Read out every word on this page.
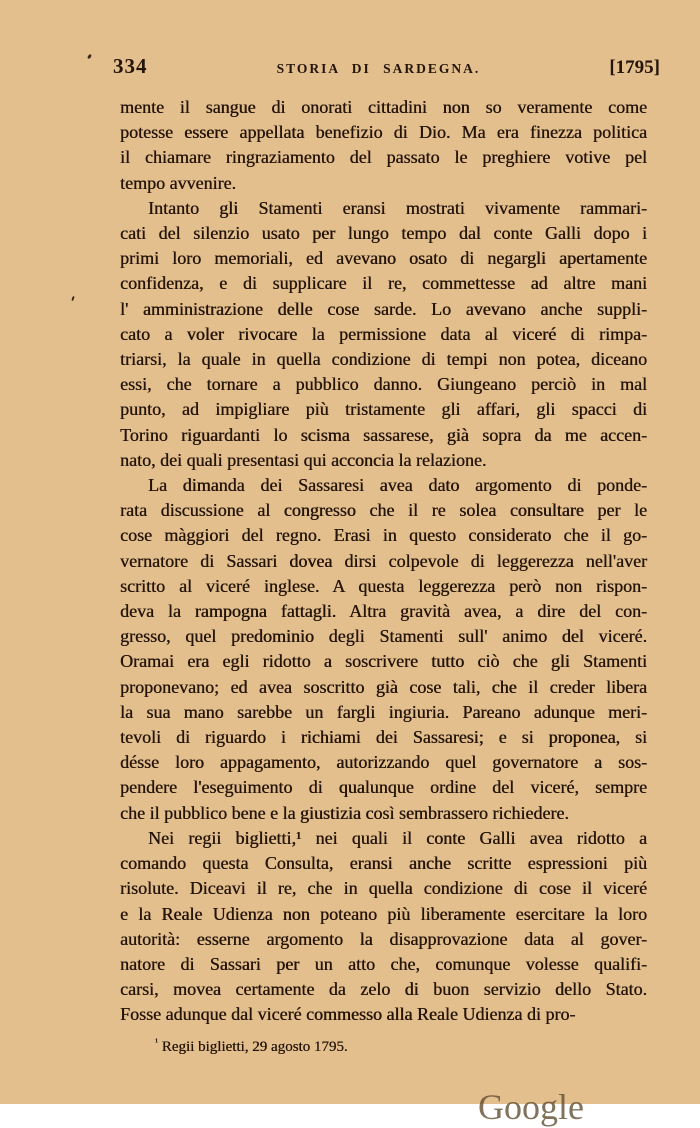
334	STORIA DI SARDEGNA.	[1795]
mente il sangue di onorati cittadini non so veramente come
potesse essere appellata benefizio di Dio. Ma era finezza politica
il chiamare ringraziamento del passato le preghiere votive pel
tempo avvenire.
Intanto gli Stamenti eransi mostrati vivamente rammari-
cati del silenzio usato per lungo tempo dal conte Galli dopo i
primi loro memoriali, ed avevano osato di negargli apertamente
confidenza, e di supplicare il re, commettesse ad altre mani
l' amministrazione delle cose sarde. Lo avevano anche suppli-
cato a voler rivocare la permissione data al viceré di rimpa-
triarsi, la quale in quella condizione di tempi non potea, diceano
essi, che tornare a pubblico danno. Giungeano perciò in mal
punto, ad impigliare più tristamente gli affari, gli spacci di
Torino riguardanti lo scisma sassarese, già sopra da me accen-
nato, dei quali presentasi qui acconcia la relazione.
La dimanda dei Sassaresi avea dato argomento di ponde-
rata discussione al congresso che il re solea consultare per le
cose màggiori del regno. Erasi in questo considerato che il go-
vernatore di Sassari dovea dirsi colpevole di leggerezza nell'aver
scritto al viceré inglese. A questa leggerezza però non rispon-
deva la rampogna fattagli. Altra gravità avea, a dire del con-
gresso, quel predominio degli Stamenti sull' animo del viceré.
Oramai era egli ridotto a soscrivere tutto ciò che gli Stamenti
proponevano; ed avea soscritto già cose tali, che il creder libera
la sua mano sarebbe un fargli ingiuria. Pareano adunque meri-
tevoli di riguardo i richiami dei Sassaresi; e si proponea, si
désse loro appagamento, autorizzando quel governatore a sos-
pendere l'eseguimento di qualunque ordine del viceré, sempre
che il pubblico bene e la giustizia così sembrassero richiedere.
Nei regii biglietti,¹ nei quali il conte Galli avea ridotto a
comando questa Consulta, eransi anche scritte espressioni più
risolute. Diceavi il re, che in quella condizione di cose il viceré
e la Reale Udienza non poteano più liberamente esercitare la loro
autorità: esserne argomento la disapprovazione data al gover-
natore di Sassari per un atto che, comunque volesse qualifi-
carsi, movea certamente da zelo di buon servizio dello Stato.
Fosse adunque dal viceré commesso alla Reale Udienza di pro-
$^{^1}$ Regii biglietti, 29 agosto 1795.
Google
